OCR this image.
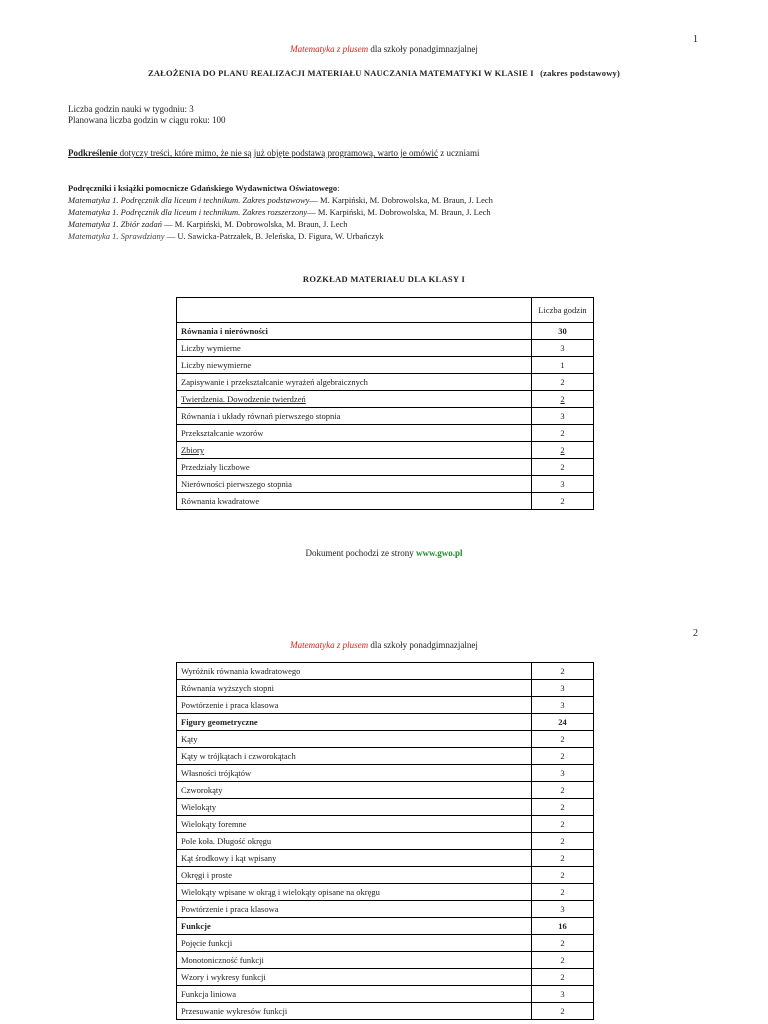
1
Matematyka z plusem dla szkoły ponadgimnazjalnej
ZAŁOŻENIA DO PLANU REALIZACJI MATERIAŁU NAUCZANIA MATEMATYKI W KLASIE I (zakres podstawowy)
Liczba godzin nauki w tygodniu: 3
Planowana liczba godzin w ciągu roku: 100
Podkreślenie dotyczy treści, które mimo, że nie są już objęte podstawą programową, warto je omówić z uczniami
Podręczniki i książki pomocnicze Gdańskiego Wydawnictwa Oświatowego:
Matematyka 1. Podręcznik dla liceum i technikum. Zakres podstawowy— M. Karpiński, M. Dobrowolska, M. Braun, J. Lech
Matematyka 1. Podręcznik dla liceum i technikum. Zakres rozszerzony— M. Karpiński, M. Dobrowolska, M. Braun, J. Lech
Matematyka 1. Zbiór zadań — M. Karpiński, M. Dobrowolska, M. Braun, J. Lech
Matematyka 1. Sprawdziany — U. Sawicka-Patrzałek, B. Jeleńska, D. Figura, W. Urbańczyk
ROZKŁAD MATERIAŁU DLA KLASY I
	Liczba godzin
Równania i nierówności	30
Liczby wymierne	3
Liczby niewymierne	1
Zapisywanie i przekształcanie wyrażeń algebraicznych	2
Twierdzenia. Dowodzenie twierdzeń	2
Równania i układy równań pierwszego stopnia	3
Przekształcanie wzorów	2
Zbiory	2
Przedziały liczbowe	2
Nierówności pierwszego stopnia	3
Równania kwadratowe	2
Dokument pochodzi ze strony www.gwo.pl
2
Matematyka z plusem dla szkoły ponadgimnazjalnej
Wyróżnik równania kwadratowego	2
Równania wyższych stopni	3
Powtórzenie i praca klasowa	3
Figury geometryczne	24
Kąty	2
Kąty w trójkątach i czworokątach	2
Własności trójkątów	3
Czworokąty	2
Wielokąty	2
Wielokąty foremne	2
Pole koła. Długość okręgu	2
Kąt środkowy i kąt wpisany	2
Okręgi i proste	2
Wielokąty wpisane w okrąg i wielokąty opisane na okręgu	2
Powtórzenie i praca klasowa	3
Funkcje	16
Pojęcie funkcji	2
Monotoniczność funkcji	2
Wzory i wykresy funkcji	2
Funkcja liniowa	3
Przesuwanie wykresów funkcji	2
